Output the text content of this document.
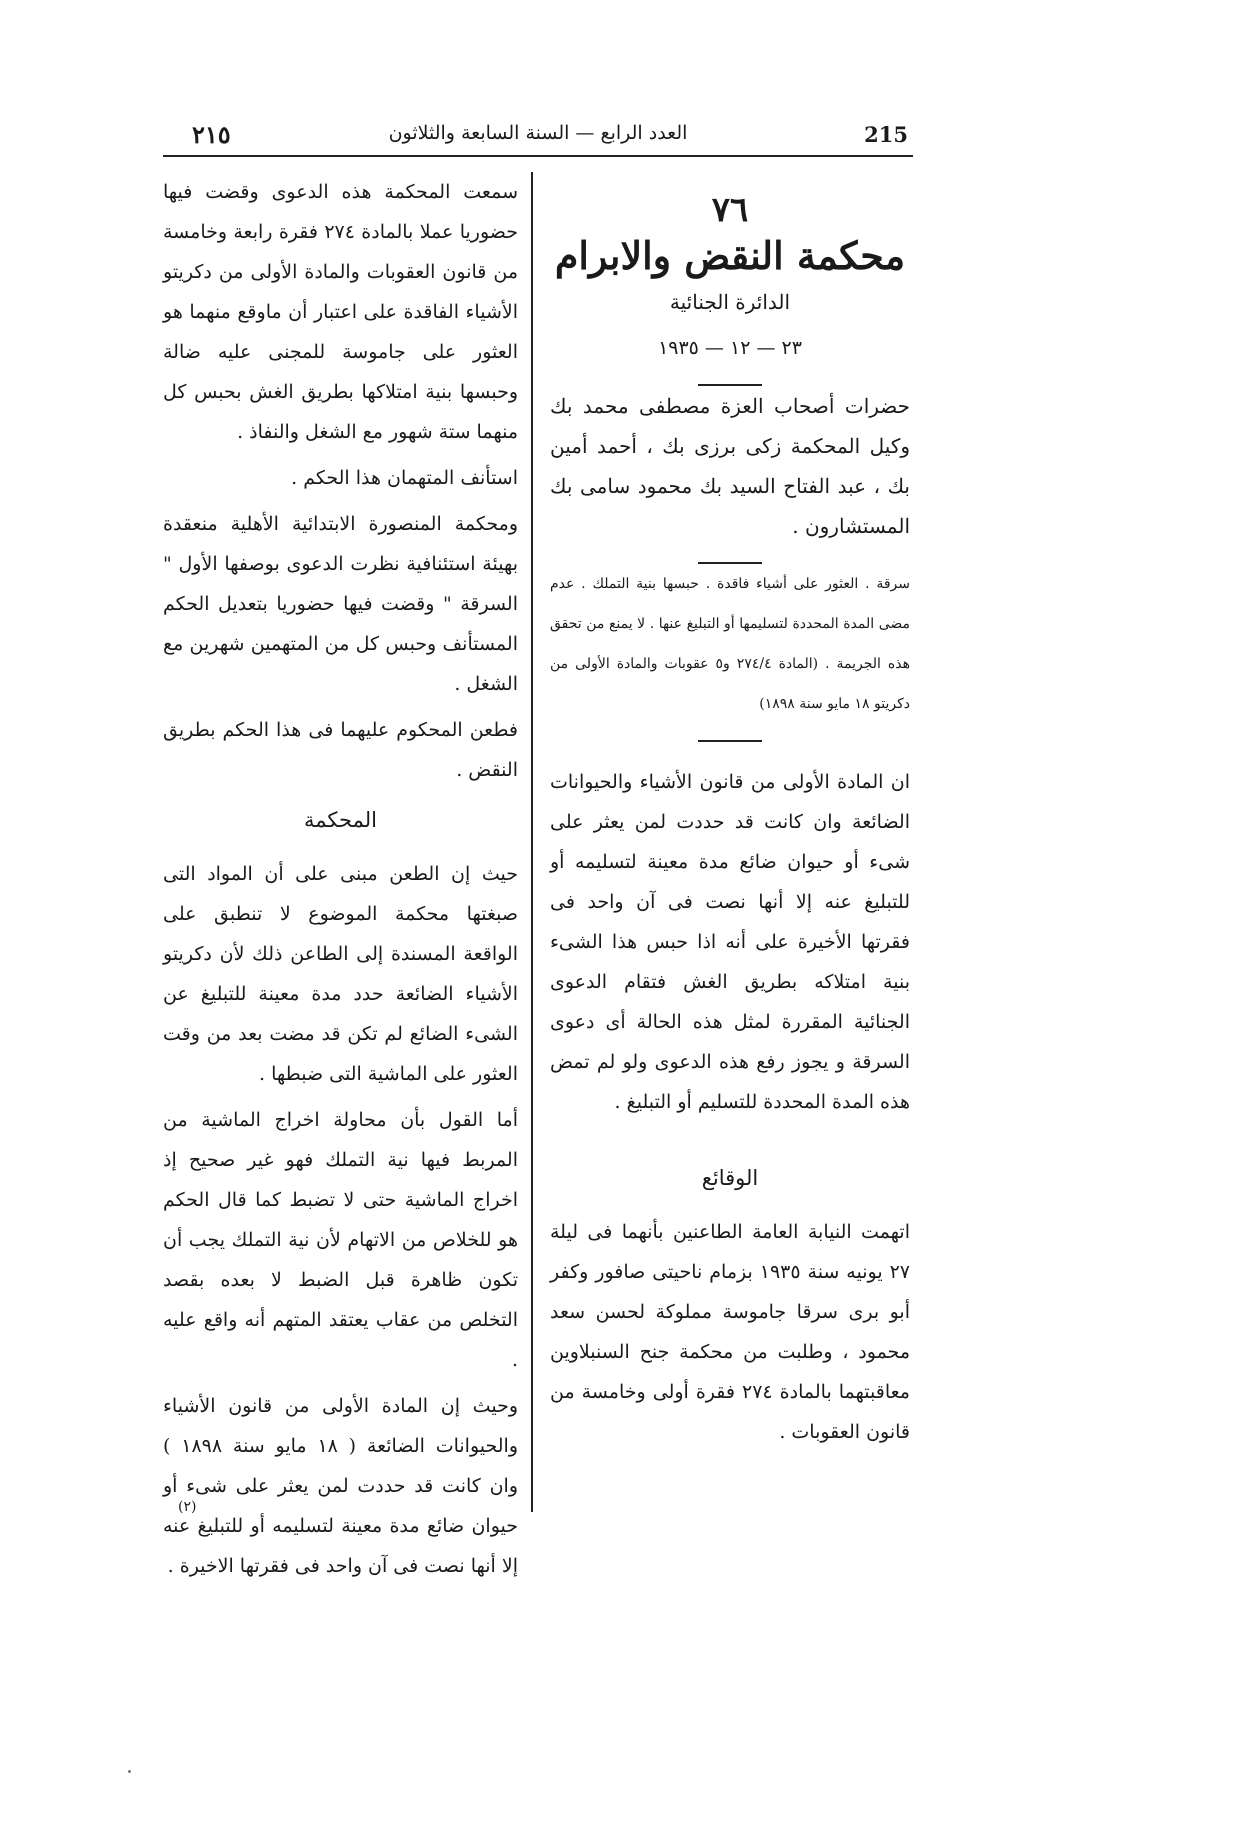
٢١٥	العدد الرابع — السنة السابعة والثلاثون	215

٧٦

محكمة النقض والابرام

الدائرة الجنائية

٢٣ — ١٢ — ١٩٣٥

حضرات أصحاب العزة مصطفى محمد بك وكيل المحكمة زكى برزى بك ، أحمد أمين بك ، عبد الفتاح السيد بك محمود سامى بك المستشارون .

سرقة . العثور على أشياء فاقدة . حبسها بنية التملك . عدم مضى المدة المحددة لتسليمها أو التبليغ عنها . لا يمنع من تحقق هذه الجريمة . (المادة ٢٧٤/٤ و٥ عقوبات والمادة الأولى من دكريتو ١٨ مايو سنة ١٨٩٨)

ان المادة الأولى من قانون الأشياء والحيوانات الضائعة وان كانت قد حددت لمن يعثر على شىء أو حيوان ضائع مدة معينة لتسليمه أو للتبليغ عنه إلا أنها نصت فى آن واحد فى فقرتها الأخيرة على أنه اذا حبس هذا الشىء بنية امتلاكه بطريق الغش فتقام الدعوى الجنائية المقررة لمثل هذه الحالة أى دعوى السرقة و يجوز رفع هذه الدعوى ولو لم تمض هذه المدة المحددة للتسليم أو التبليغ .

الوقائع

اتهمت النيابة العامة الطاعنين بأنهما فى ليلة ٢٧ يونيه سنة ١٩٣٥ بزمام ناحيتى صافور وكفر أبو برى سرقا جاموسة مملوكة لحسن سعد محمود ، وطلبت من محكمة جنح السنبلاوين معاقبتهما بالمادة ٢٧٤ فقرة أولى وخامسة من قانون العقوبات .

سمعت المحكمة هذه الدعوى وقضت فيها حضوريا عملا بالمادة ٢٧٤ فقرة رابعة وخامسة من قانون العقوبات والمادة الأولى من دكريتو الأشياء الفاقدة على اعتبار أن ماوقع منهما هو العثور على جاموسة للمجنى عليه ضالة وحبسها بنية امتلاكها بطريق الغش بحبس كل منهما ستة شهور مع الشغل والنفاذ .

استأنف المتهمان هذا الحكم .

ومحكمة المنصورة الابتدائية الأهلية منعقدة بهيئة استئنافية نظرت الدعوى بوصفها الأول " السرقة " وقضت فيها حضوريا بتعديل الحكم المستأنف وحبس كل من المتهمين شهرين مع الشغل .

فطعن المحكوم عليهما فى هذا الحكم بطريق النقض .

المحكمة

حيث إن الطعن مبنى على أن المواد التى صبغتها محكمة الموضوع لا تنطبق على الواقعة المسندة إلى الطاعن ذلك لأن دكريتو الأشياء الضائعة حدد مدة معينة للتبليغ عن الشىء الضائع لم تكن قد مضت بعد من وقت العثور على الماشية التى ضبطها .

أما القول بأن محاولة اخراج الماشية من المربط فيها نية التملك فهو غير صحيح إذ اخراج الماشية حتى لا تضبط كما قال الحكم هو للخلاص من الاتهام لأن نية التملك يجب أن تكون ظاهرة قبل الضبط لا بعده بقصد التخلص من عقاب يعتقد المتهم أنه واقع عليه .

وحيث إن المادة الأولى من قانون الأشياء والحيوانات الضائعة ( ١٨ مايو سنة ١٨٩٨ ) وان كانت قد حددت لمن يعثر على شىء أو حيوان ضائع مدة معينة لتسليمه أو للتبليغ عنه إلا أنها نصت فى آن واحد فى فقرتها الاخيرة .

(٢)
